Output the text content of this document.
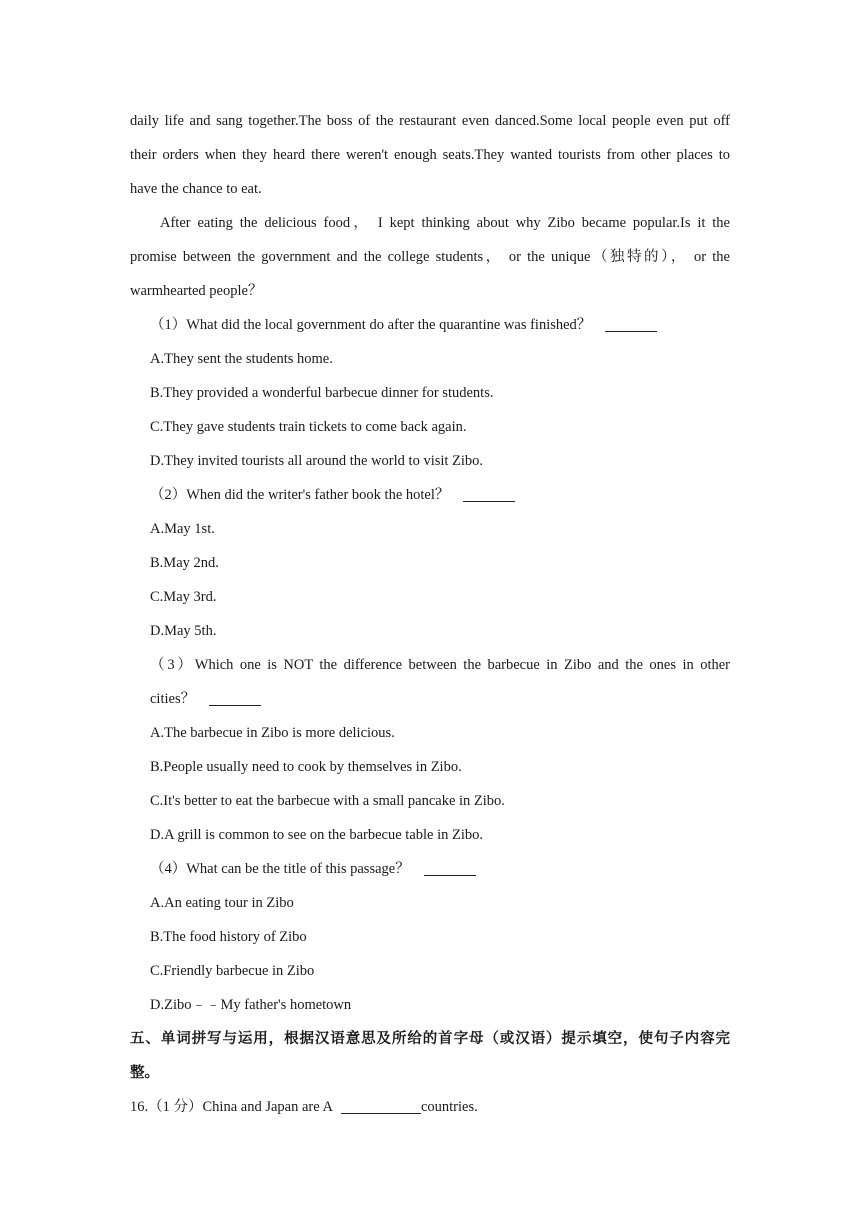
daily life and sang together.The boss of the restaurant even danced.Some local people even put off
their orders when they heard there weren't enough seats.They wanted tourists from other places to
have the chance to eat.
After eating the delicious food， I kept thinking about why Zibo became popular.Is it the
promise between the government and the college students， or the unique（独特的）， or the
warmhearted people？
（1）What did the local government do after the quarantine was finished？
A.They sent the students home.
B.They provided a wonderful barbecue dinner for students.
C.They gave students train tickets to come back again.
D.They invited tourists all around the world to visit Zibo.
（2）When did the writer's father book the hotel？
A.May 1st.
B.May 2nd.
C.May 3rd.
D.May 5th.
（3）Which one is NOT the difference between the barbecue in Zibo and the ones in other
cities？
A.The barbecue in Zibo is more delicious.
B.People usually need to cook by themselves in Zibo.
C.It's better to eat the barbecue with a small pancake in Zibo.
D.A grill is common to see on the barbecue table in Zibo.
（4）What can be the title of this passage？
A.An eating tour in Zibo
B.The food history of Zibo
C.Friendly barbecue in Zibo
D.Zibo﹣﹣My father's hometown
五、单词拼写与运用，根据汉语意思及所给的首字母（或汉语）提示填空，使句子内容完
整。
16.（1 分）China and Japan are A	countries.
